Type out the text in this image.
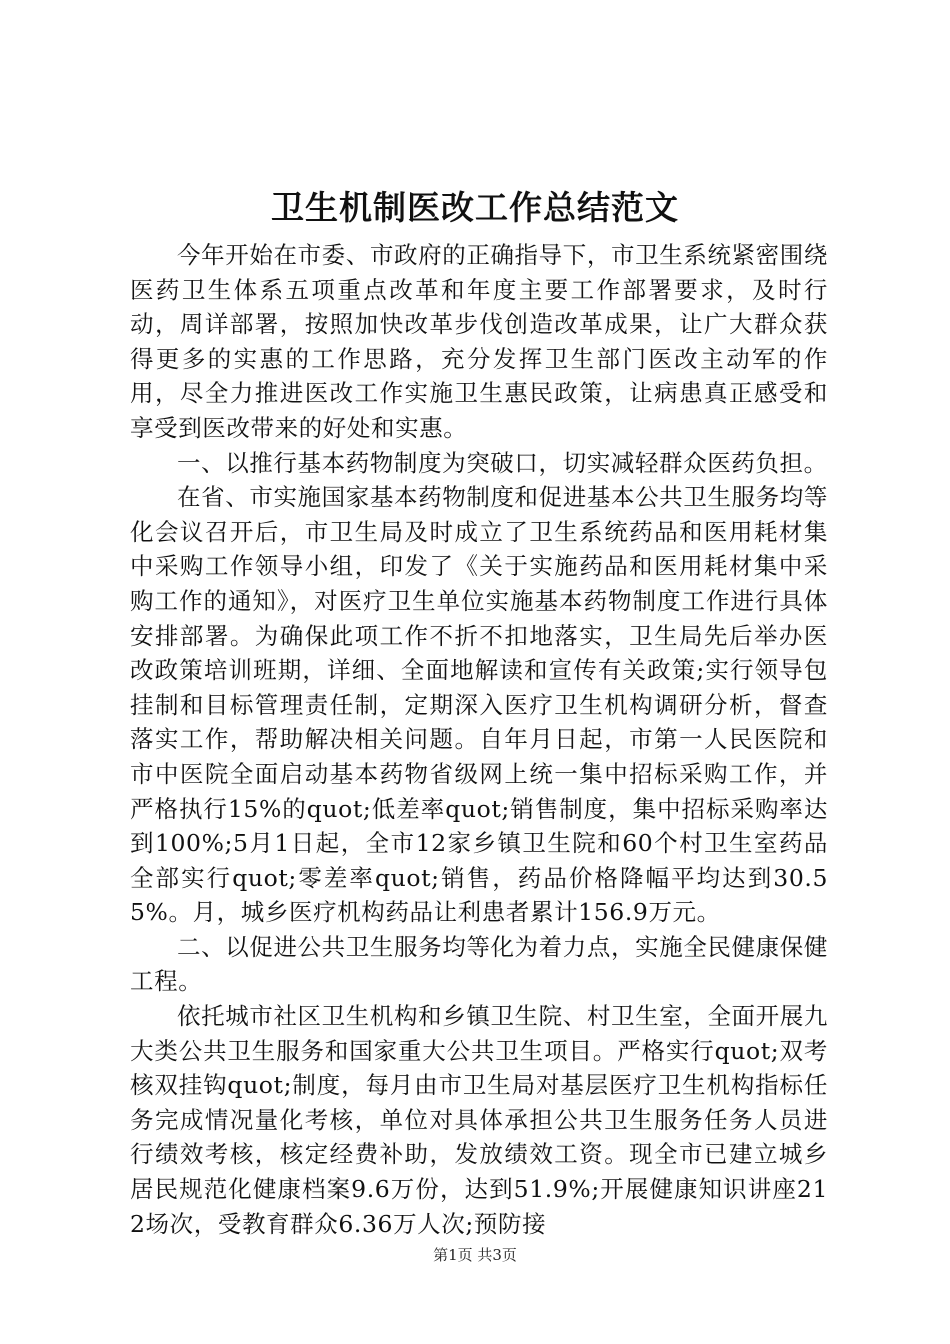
卫生机制医改工作总结范文

今年开始在市委、市政府的正确指导下，市卫生系统紧密围绕医药卫生体系五项重点改革和年度主要工作部署要求，及时行动，周详部署，按照加快改革步伐创造改革成果，让广大群众获得更多的实惠的工作思路，充分发挥卫生部门医改主动军的作用，尽全力推进医改工作实施卫生惠民政策，让病患真正感受和享受到医改带来的好处和实惠。

一、以推行基本药物制度为突破口，切实减轻群众医药负担。

在省、市实施国家基本药物制度和促进基本公共卫生服务均等化会议召开后，市卫生局及时成立了卫生系统药品和医用耗材集中采购工作领导小组，印发了《关于实施药品和医用耗材集中采购工作的通知》，对医疗卫生单位实施基本药物制度工作进行具体安排部署。为确保此项工作不折不扣地落实，卫生局先后举办医改政策培训班期，详细、全面地解读和宣传有关政策;实行领导包挂制和目标管理责任制，定期深入医疗卫生机构调研分析，督查落实工作，帮助解决相关问题。自年月日起，市第一人民医院和市中医院全面启动基本药物省级网上统一集中招标采购工作，并严格执行15%的quot;低差率quot;销售制度，集中招标采购率达到100%;5月1日起，全市12家乡镇卫生院和60个村卫生室药品全部实行quot;零差率quot;销售，药品价格降幅平均达到30.55%。月，城乡医疗机构药品让利患者累计156.9万元。

二、以促进公共卫生服务均等化为着力点，实施全民健康保健工程。

依托城市社区卫生机构和乡镇卫生院、村卫生室，全面开展九大类公共卫生服务和国家重大公共卫生项目。严格实行quot;双考核双挂钩quot;制度，每月由市卫生局对基层医疗卫生机构指标任务完成情况量化考核，单位对具体承担公共卫生服务任务人员进行绩效考核，核定经费补助，发放绩效工资。现全市已建立城乡居民规范化健康档案9.6万份，达到51.9%;开展健康知识讲座212场次，受教育群众6.36万人次;预防接

第1页 共3页
